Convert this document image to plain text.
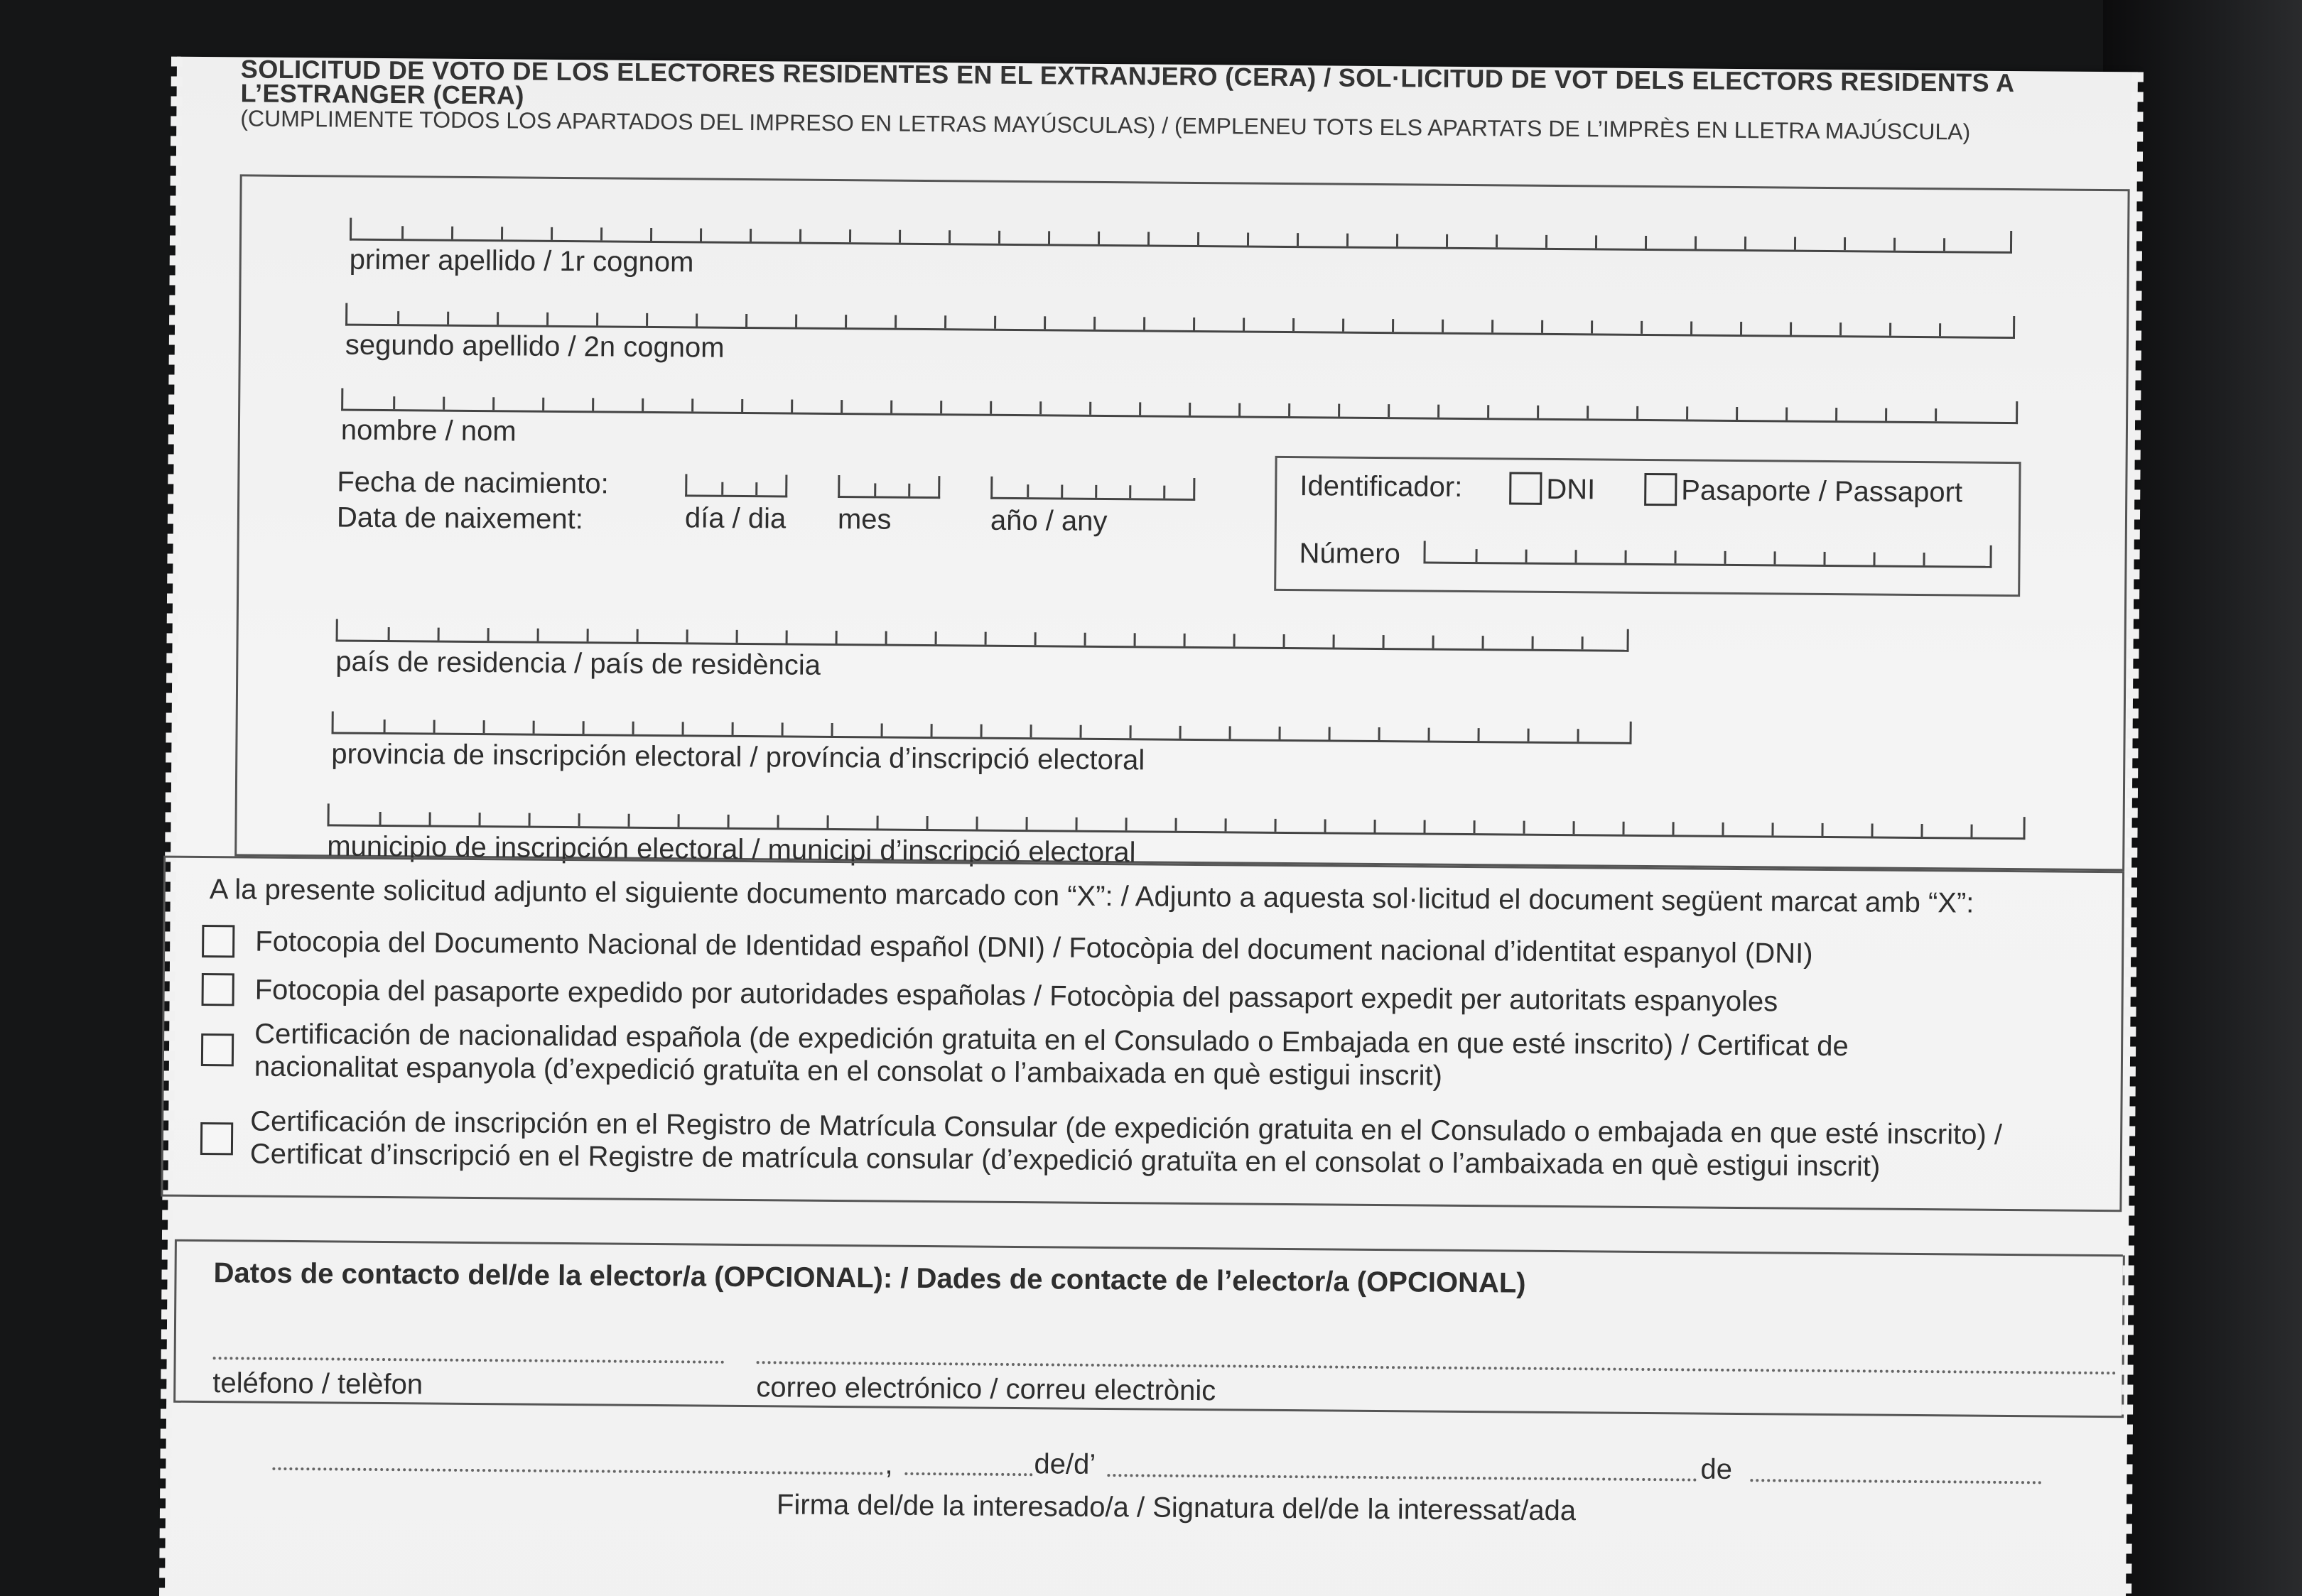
SOLICITUD DE VOTO DE LOS ELECTORES RESIDENTES EN EL EXTRANJERO (CERA) / SOL·LICITUD DE VOT DELS ELECTORS RESIDENTS A L’ESTRANGER (CERA)
(CUMPLIMENTE TODOS LOS APARTADOS DEL IMPRESO EN LETRAS MAYÚSCULAS) / (EMPLENEU TOTS ELS APARTATS DE L’IMPRÈS EN LLETRA MAJÚSCULA)
primer apellido / 1r cognom
segundo apellido / 2n cognom
nombre / nom
Fecha de nacimiento:
Data de naixement:	día / dia mes	año / any
Identificador:	DNI	Pasaporte / Passaport
Número
país de residencia / país de residència
provincia de inscripción electoral / província d’inscripció electoral
municipio de inscripción electoral / municipi d’inscripció electoral
A la presente solicitud adjunto el siguiente documento marcado con “X”: / Adjunto a aquesta sol·licitud el document següent marcat amb “X”:
Fotocopia del Documento Nacional de Identidad español (DNI) / Fotocòpia del document nacional d’identitat espanyol (DNI)
Fotocopia del pasaporte expedido por autoridades españolas / Fotocòpia del passaport expedit per autoritats espanyoles
Certificación de nacionalidad española (de expedición gratuita en el Consulado o Embajada en que esté inscrito) / Certificat de nacionalitat espanyola (d’expedició gratuïta en el consolat o l’ambaixada en què estigui inscrit)
Certificación de inscripción en el Registro de Matrícula Consular (de expedición gratuita en el Consulado o embajada en que esté inscrito) / Certificat d’inscripció en el Registre de matrícula consular (d’expedició gratuïta en el consolat o l’ambaixada en què estigui inscrit)
Datos de contacto del/de la elector/a (OPCIONAL): / Dades de contacte de l’elector/a (OPCIONAL)
teléfono / telèfon	correo electrónico / correu electrònic
,	de/d’	de
Firma del/de la interesado/a / Signatura del/de la interessat/ada
